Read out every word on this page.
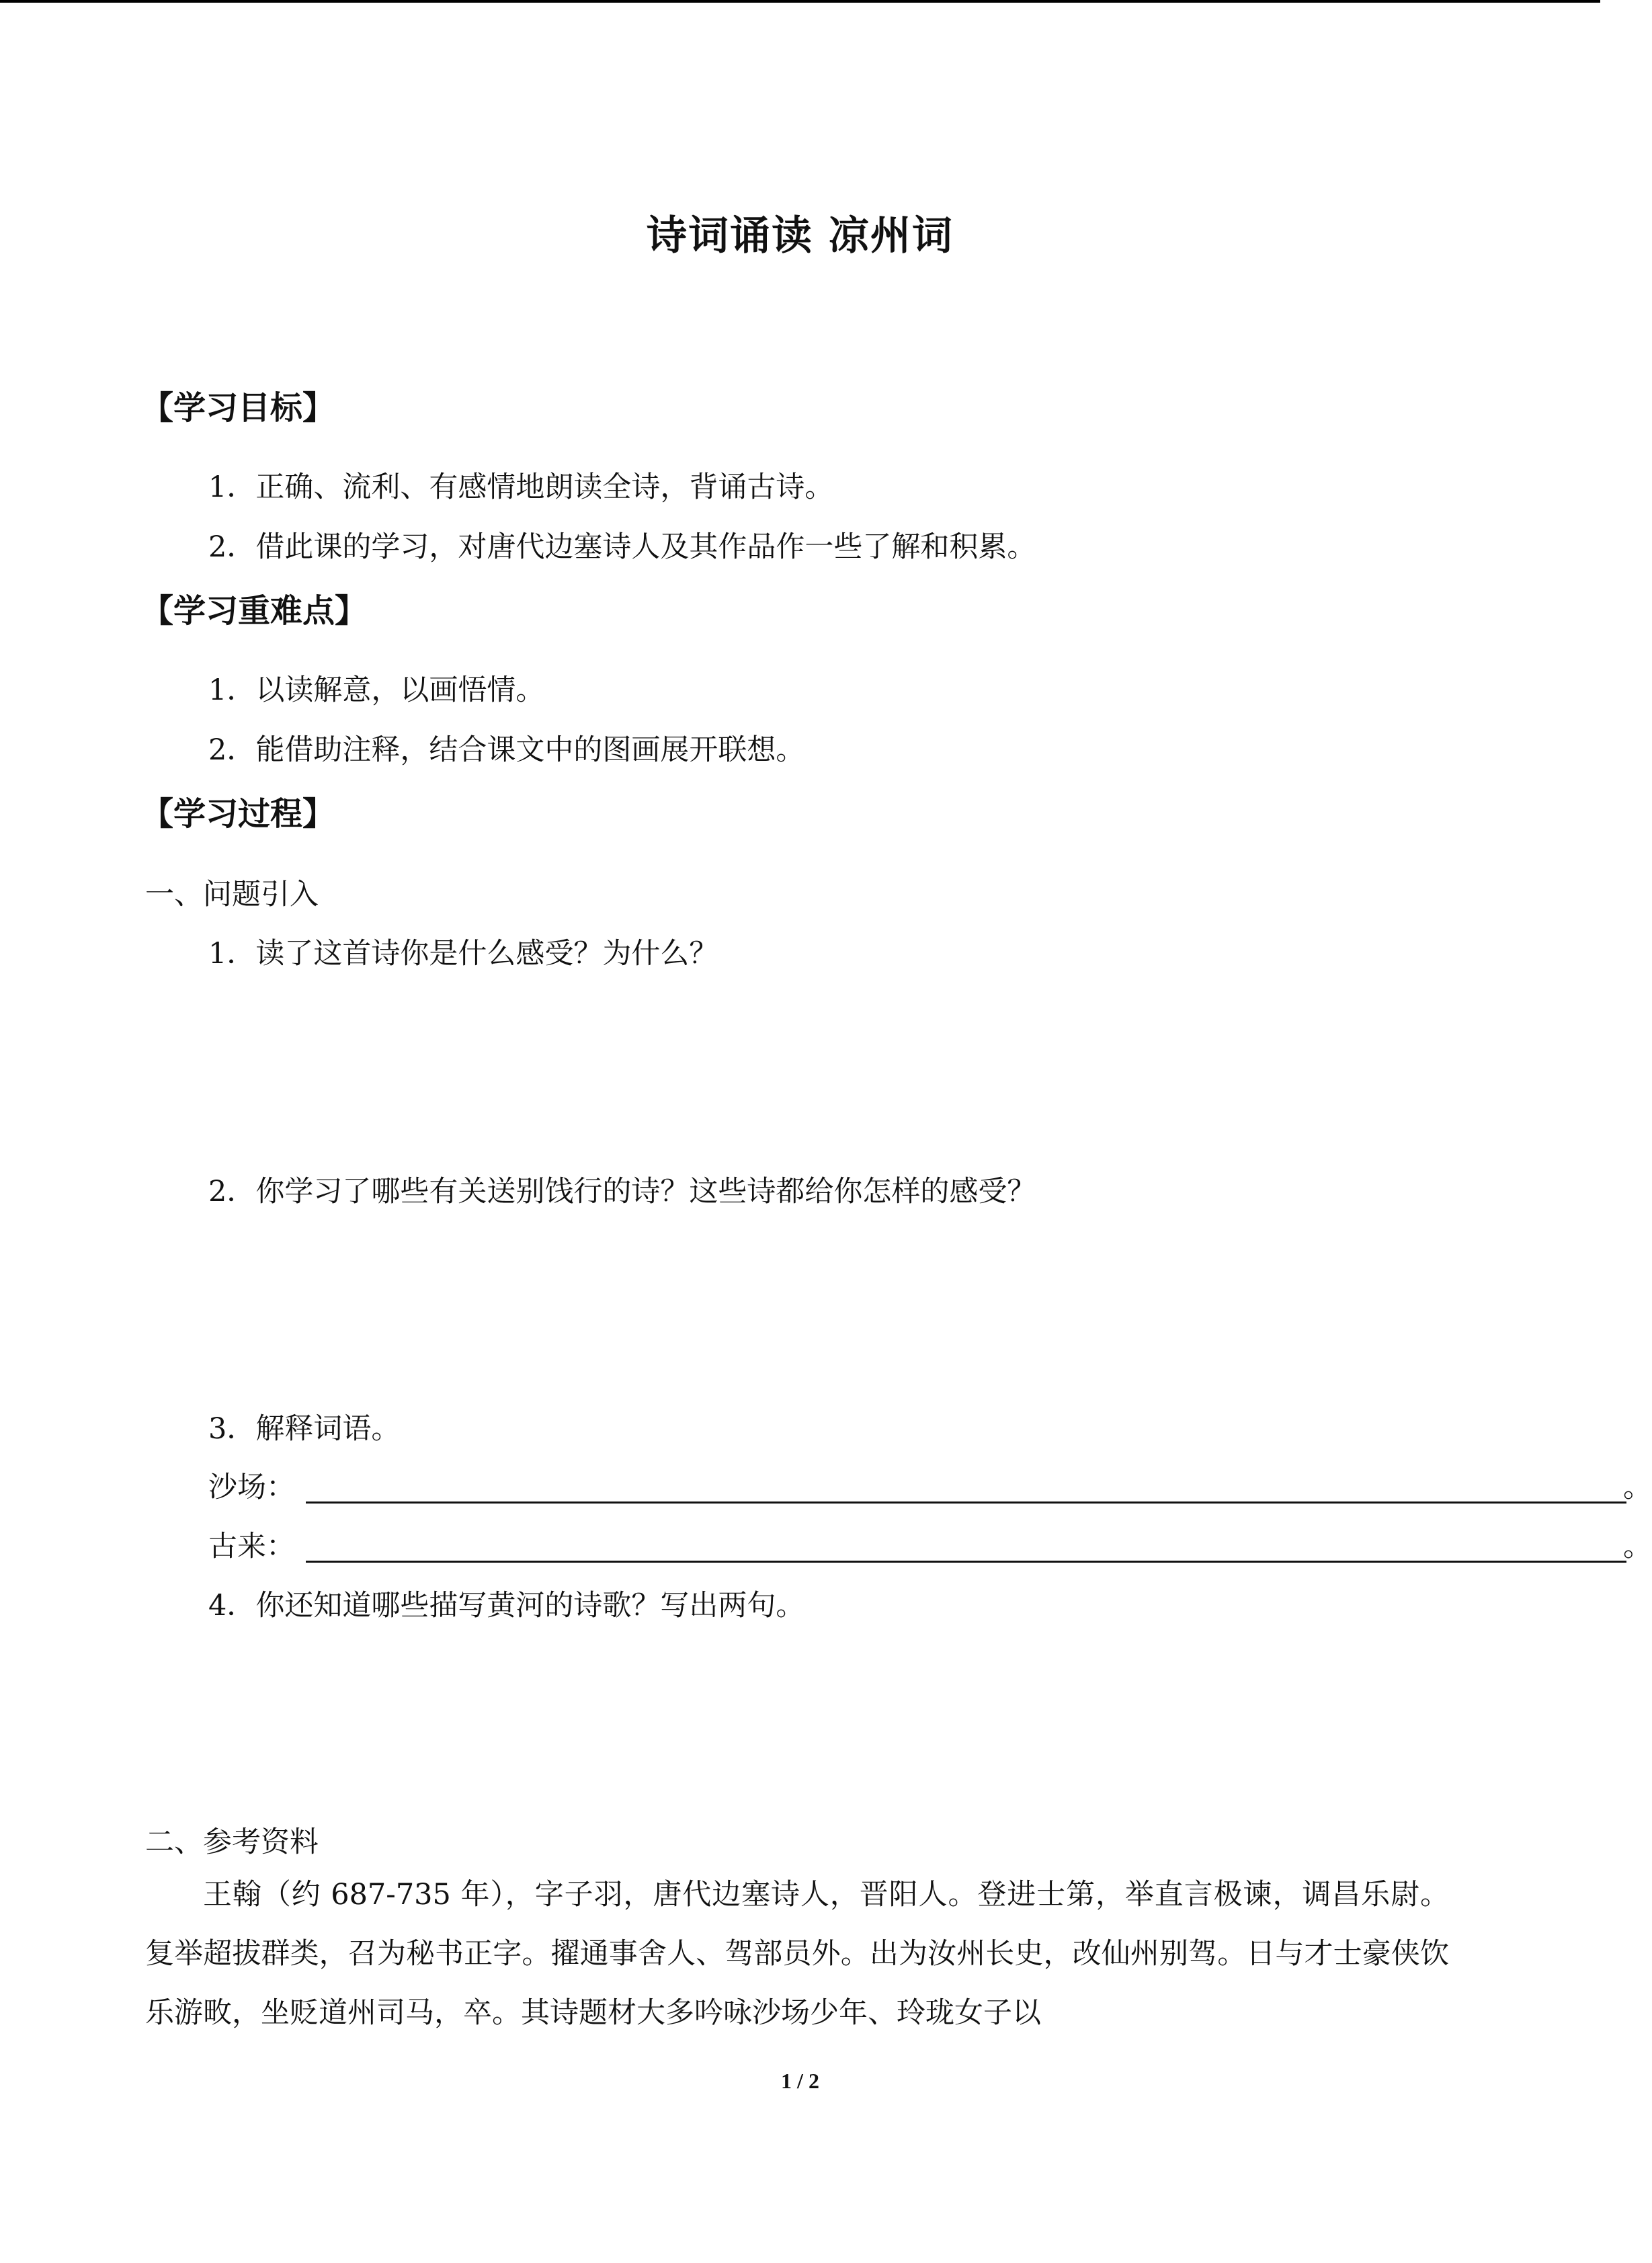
诗词诵读 凉州词
【学习目标】
1．正确、流利、有感情地朗读全诗，背诵古诗。
2．借此课的学习，对唐代边塞诗人及其作品作一些了解和积累。
【学习重难点】
1．以读解意，以画悟情。
2．能借助注释，结合课文中的图画展开联想。
【学习过程】
一、问题引入
1．读了这首诗你是什么感受？为什么？
2．你学习了哪些有关送别饯行的诗？这些诗都给你怎样的感受？
3．解释词语。
沙场：	。
古来：	。
4．你还知道哪些描写黄河的诗歌？写出两句。
二、参考资料
王翰（约 687-735 年），字子羽，唐代边塞诗人，晋阳人。登进士第，举直言极谏，调昌乐尉。复举超拔群类，召为秘书正字。擢通事舍人、驾部员外。出为汝州长史，改仙州别驾。日与才士豪侠饮乐游畋，坐贬道州司马，卒。其诗题材大多吟咏沙场少年、玲珑女子以
1 / 2
